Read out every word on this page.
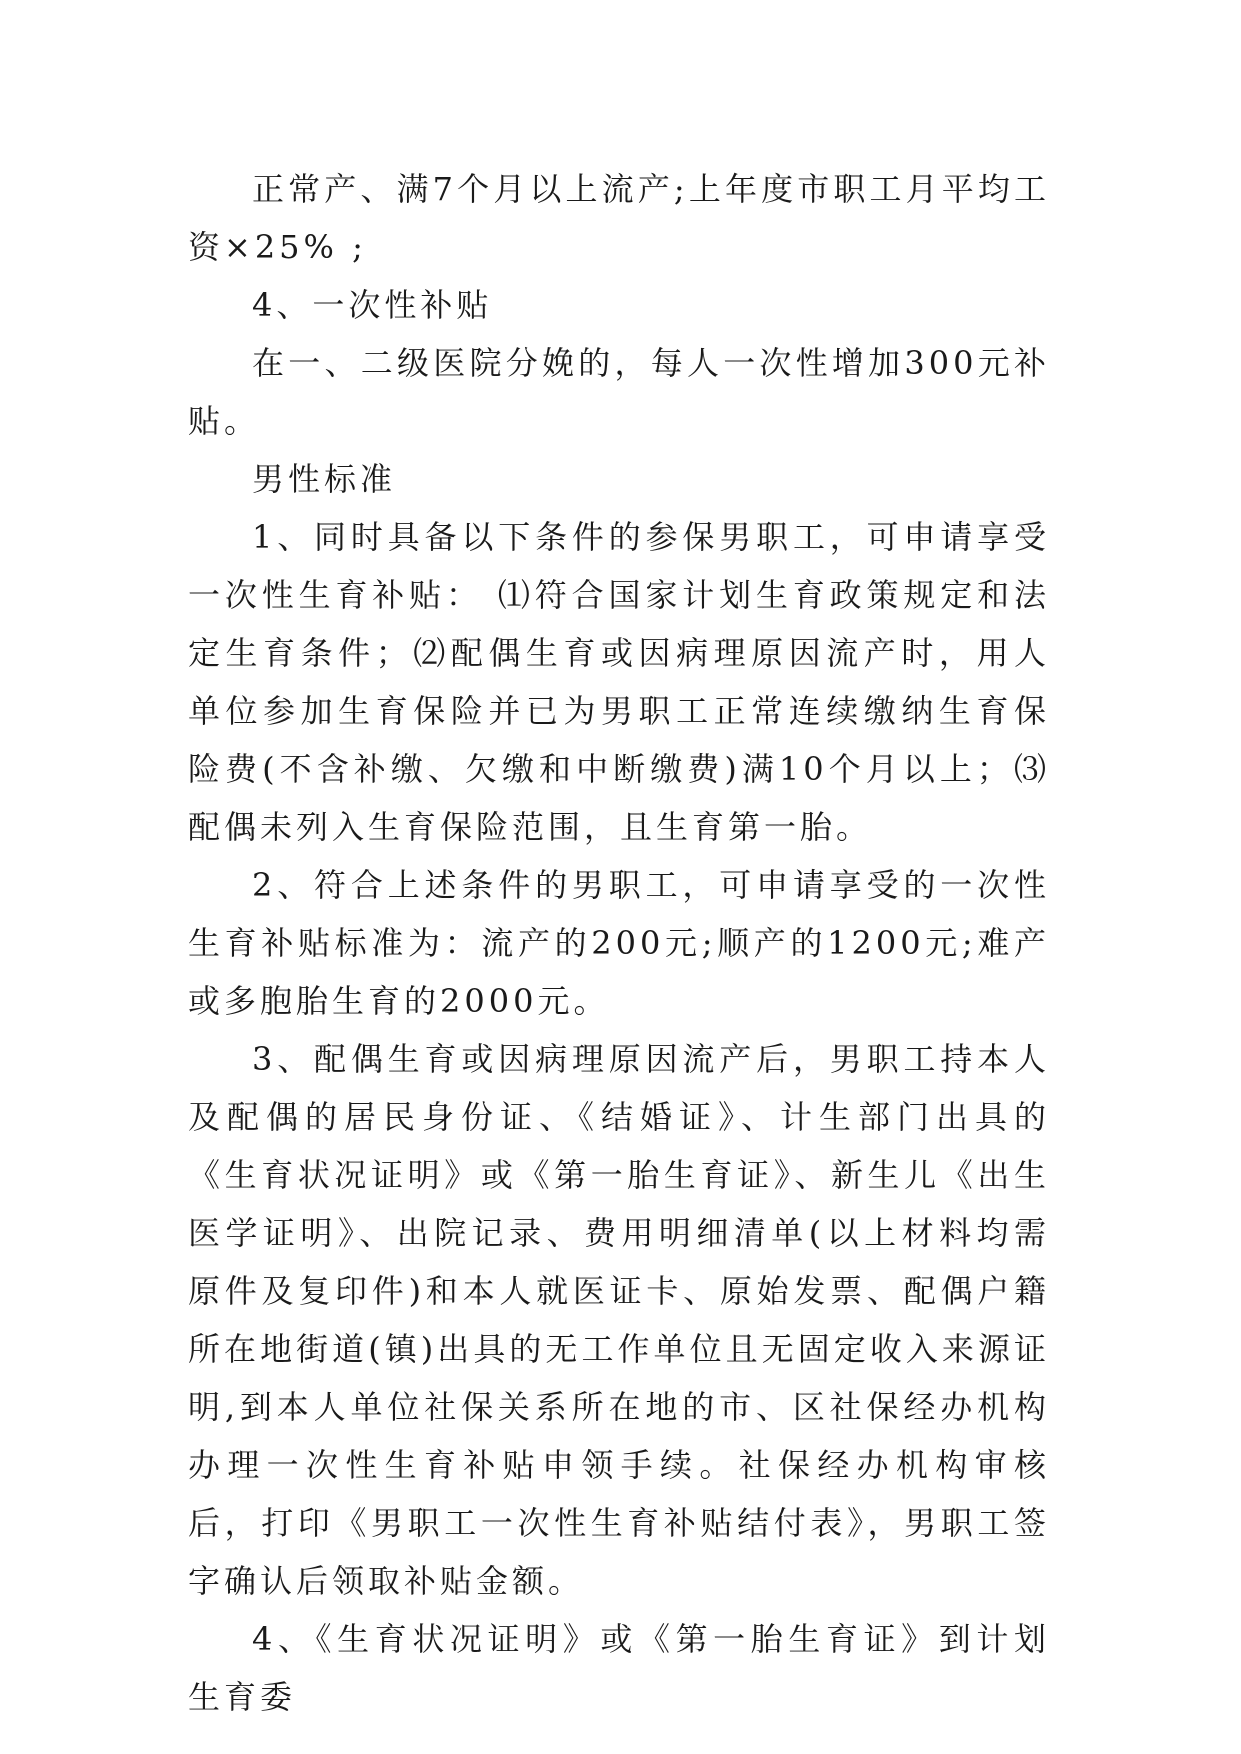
正常产、满7个月以上流产;上年度市职工月平均工资×25% ;

4、一次性补贴

在一、二级医院分娩的，每人一次性增加300元补贴。

男性标准

1、同时具备以下条件的参保男职工，可申请享受一次性生育补贴： ⑴符合国家计划生育政策规定和法定生育条件；⑵配偶生育或因病理原因流产时，用人单位参加生育保险并已为男职工正常连续缴纳生育保险费(不含补缴、欠缴和中断缴费)满10个月以上；⑶配偶未列入生育保险范围，且生育第一胎。

2、符合上述条件的男职工，可申请享受的一次性生育补贴标准为：流产的200元;顺产的1200元;难产或多胞胎生育的2000元。

3、配偶生育或因病理原因流产后，男职工持本人及配偶的居民身份证、《结婚证》、计生部门出具的《生育状况证明》或《第一胎生育证》、新生儿《出生医学证明》、出院记录、费用明细清单(以上材料均需原件及复印件)和本人就医证卡、原始发票、配偶户籍所在地街道(镇)出具的无工作单位且无固定收入来源证明,到本人单位社保关系所在地的市、区社保经办机构办理一次性生育补贴申领手续。社保经办机构审核后，打印《男职工一次性生育补贴结付表》，男职工签字确认后领取补贴金额。

4、《生育状况证明》或《第一胎生育证》到计划生育委
